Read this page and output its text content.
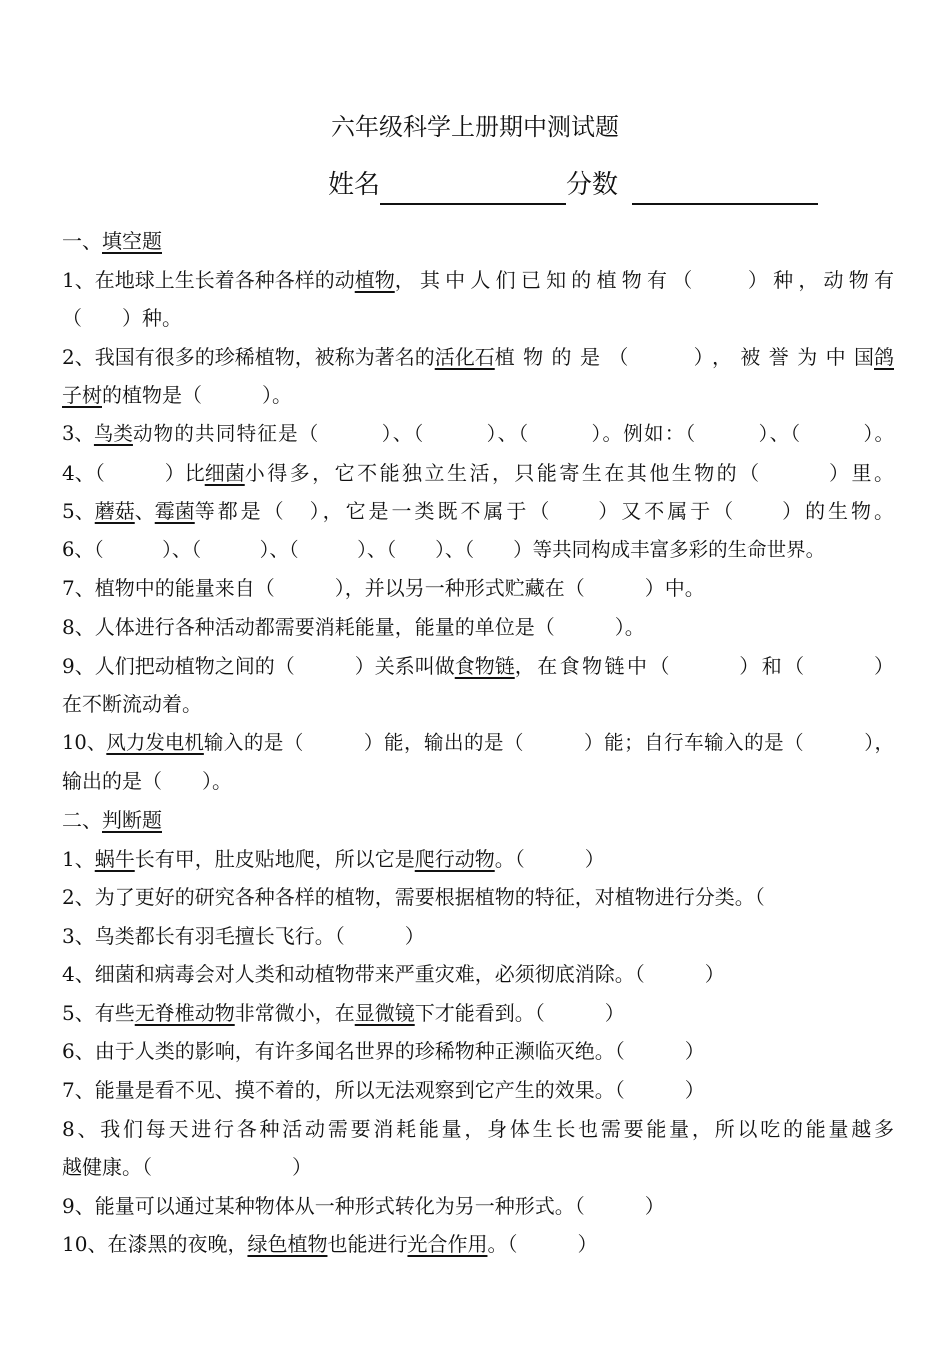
六年级科学上册期中测试题
姓名	分数
一、填空题
1、在地球上生长着各种各样的动 植物 ，其中人们已知的植物有（　　）种，动物有
（　　）种。
2、我国有很多的珍稀植物，被称为著名的 活化石 植物的是（　　），被誉为中国 鸽
子树的植物是（　　　）。
3、 鸟类 动物的共同特征是（　　　）、（　　　）、（　　　）。例如：（　　　）、（　　　）。
4、（　　　）比 细菌 小得多，它不能独立生活，只能寄生在其他生物的（　　　）里。
5、 蘑菇 、 霉菌 等都是（　），它是一类既不属于（　　）又不属于（　　）的生物。
6、（　　　）、（　　　）、（　　　）、（　　）、（　　）等共同构成丰富多彩的生命世界。
7、植物中的能量来自（　　　），并以另一种形式贮藏在（　　　）中。
8、人体进行各种活动都需要消耗能量，能量的单位是（　　　）。
9、人们把动植物之间的（　　　）关系叫做 食物链 ，在食物链中（　　　）和（　　　）
在不断流动着。
10、 风力发电机 输入的是（　　　）能，输出的是（　　　）能；自行车输入的是（　　　），
输出的是（　　）。
二、判断题
1、蜗牛长有甲，肚皮贴地爬，所以它是爬行动物。（　　　）
2、为了更好的研究各种各样的植物，需要根据植物的特征，对植物进行分类。（
3、鸟类都长有羽毛擅长飞行。（　　　）
4、细菌和病毒会对人类和动植物带来严重灾难，必须彻底消除。（　　　）
5、有些无脊椎动物非常微小，在显微镜下才能看到。（　　　）
6、由于人类的影响，有许多闻名世界的珍稀物种正濒临灭绝。（　　　）
7、能量是看不见、摸不着的，所以无法观察到它产生的效果。（　　　）
8、我们每天进行各种活动需要消耗能量，身体生长也需要能量，所以吃的能量越多
越健康。（　　　　　　　）
9、能量可以通过某种物体从一种形式转化为另一种形式。（　　　）
10、在漆黑的夜晚，绿色植物也能进行光合作用。（　　　）
